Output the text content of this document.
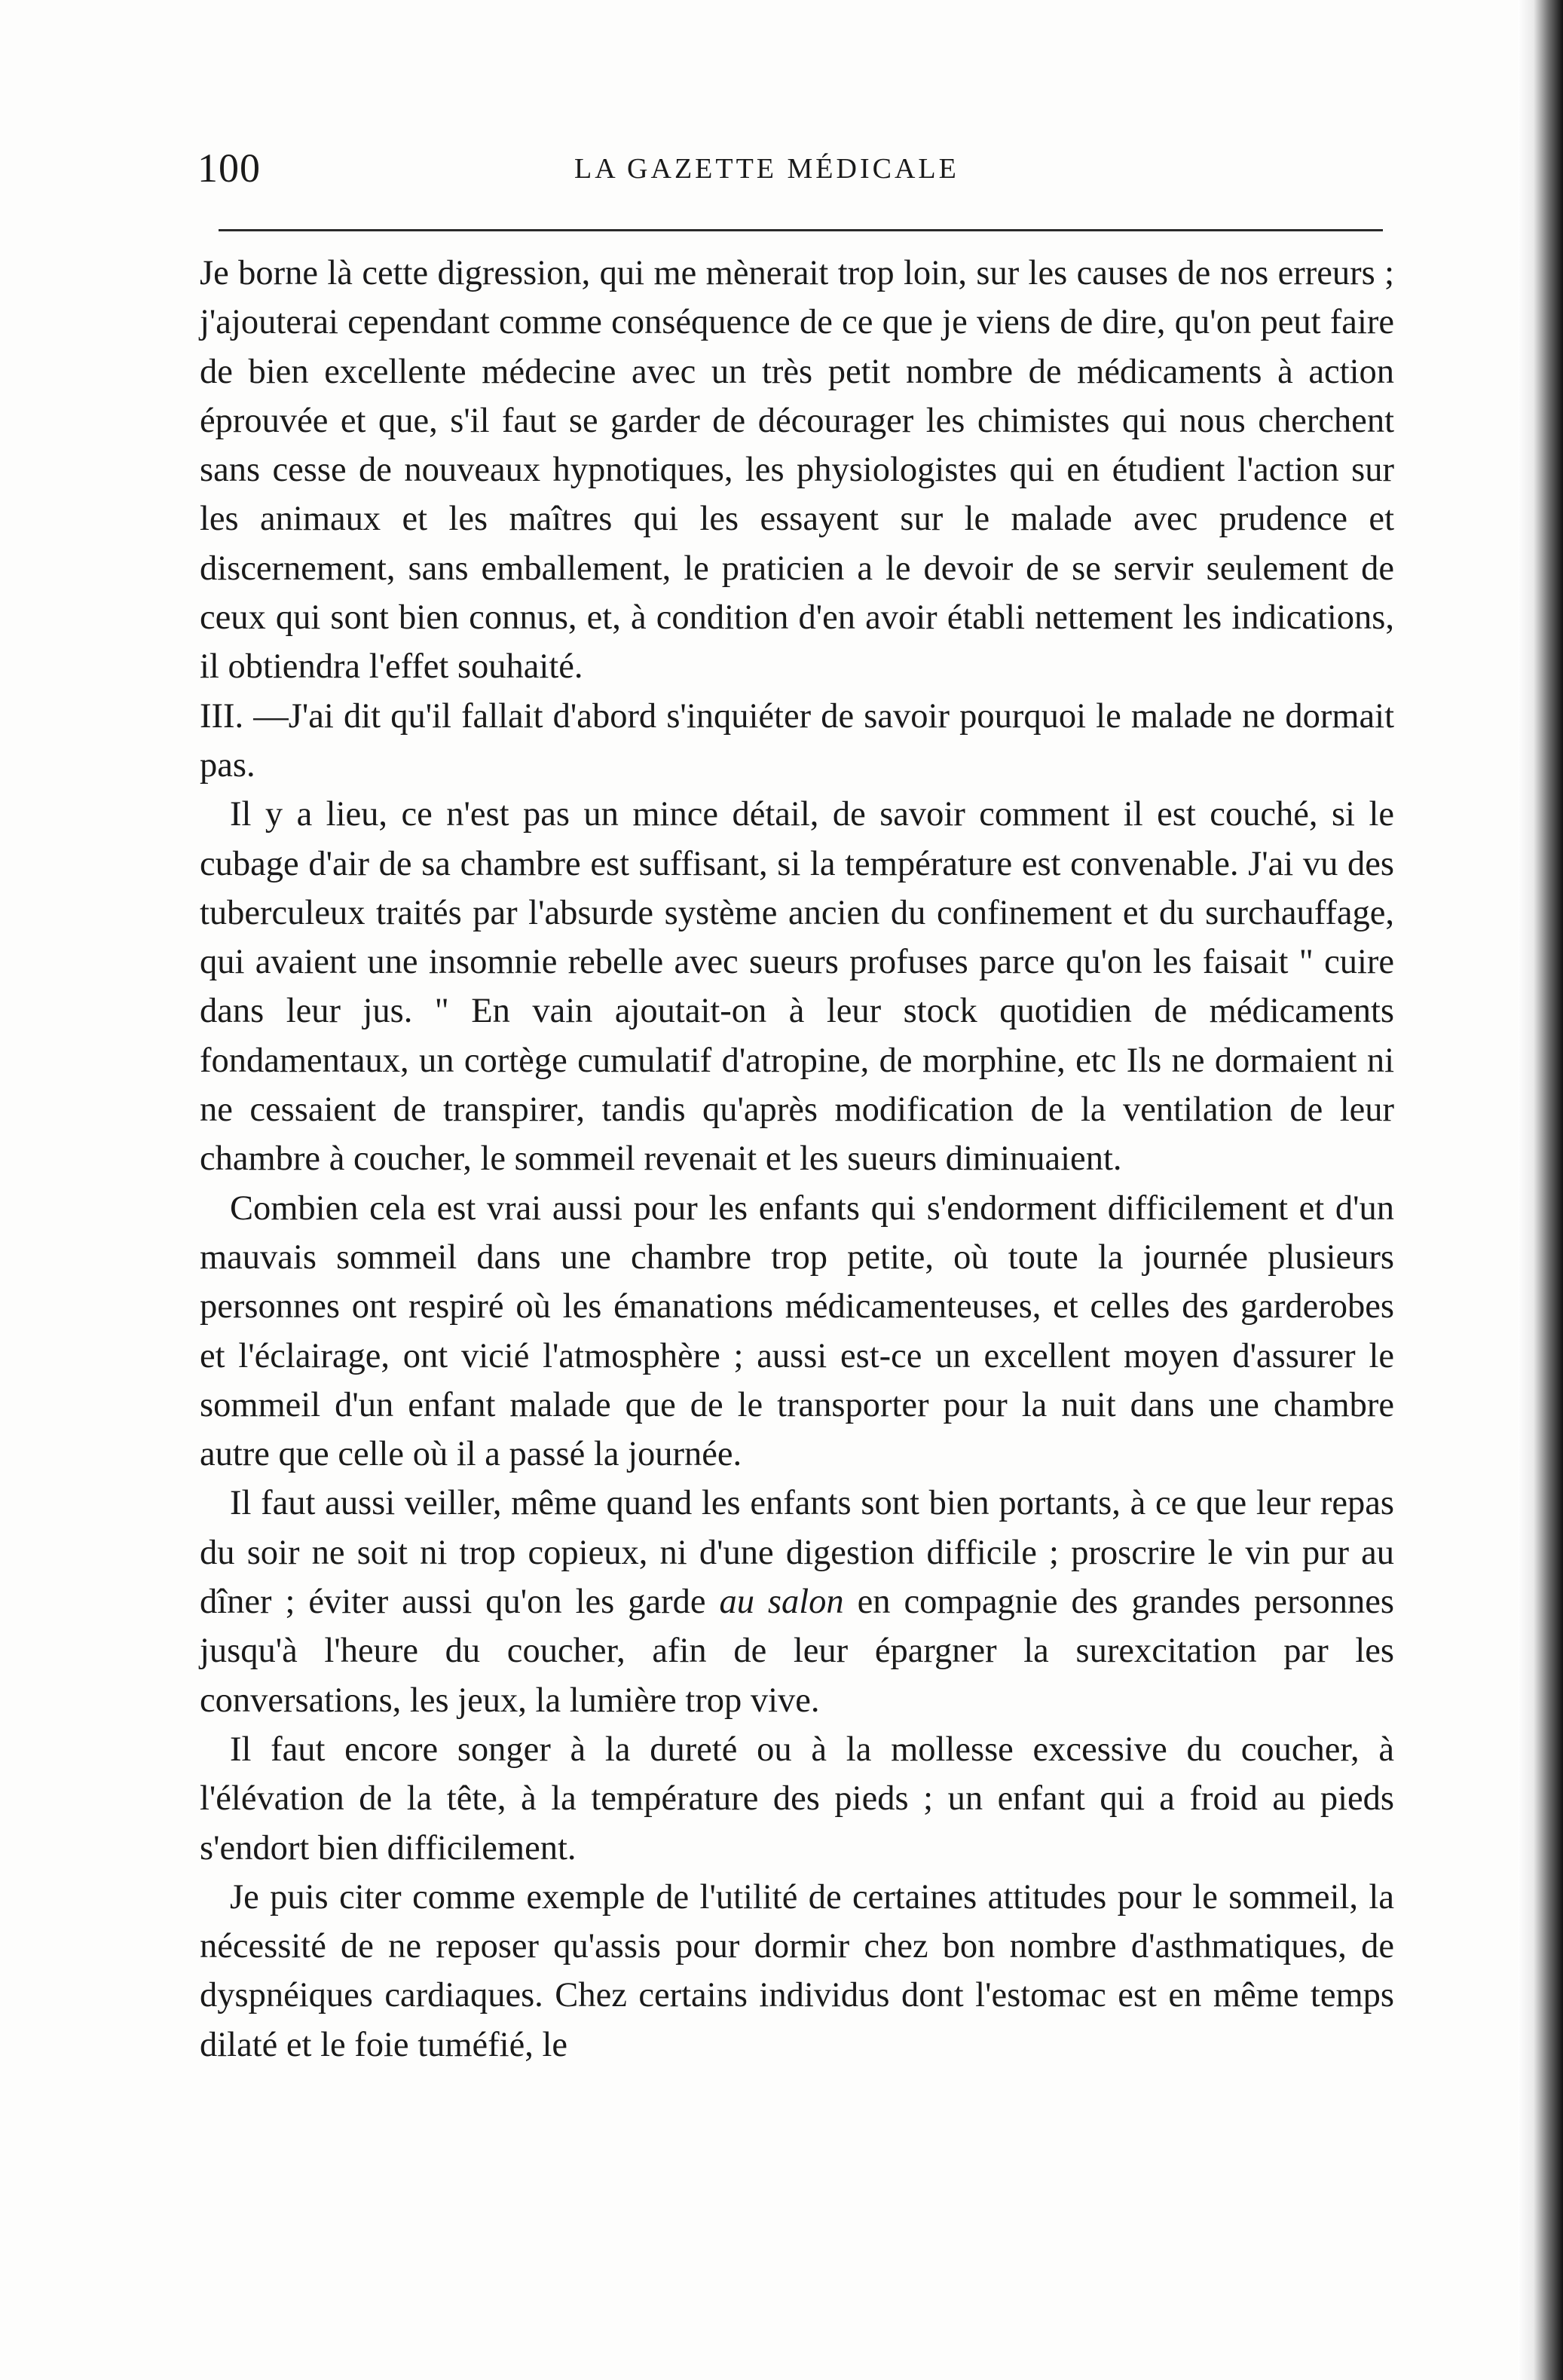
100	LA GAZETTE MÉDICALE

Je borne là cette digression, qui me mènerait trop loin, sur les causes de nos erreurs ; j'ajouterai cependant comme conséquence de ce que je viens de dire, qu'on peut faire de bien excellente médecine avec un très petit nombre de médicaments à action éprouvée et que, s'il faut se garder de décourager les chimistes qui nous cherchent sans cesse de nouveaux hypnotiques, les physiologistes qui en étudient l'action sur les animaux et les maîtres qui les essayent sur le malade avec prudence et discernement, sans emballement, le praticien a le devoir de se servir seulement de ceux qui sont bien connus, et, à condition d'en avoir établi nettement les indications, il obtiendra l'effet souhaité.

III. —J'ai dit qu'il fallait d'abord s'inquiéter de savoir pourquoi le malade ne dormait pas.

Il y a lieu, ce n'est pas un mince détail, de savoir comment il est couché, si le cubage d'air de sa chambre est suffisant, si la température est convenable. J'ai vu des tuberculeux traités par l'absurde système ancien du confinement et du surchauffage, qui avaient une insomnie rebelle avec sueurs profuses parce qu'on les faisait " cuire dans leur jus. " En vain ajoutait-on à leur stock quotidien de médicaments fondamentaux, un cortège cumulatif d'atropine, de morphine, etc Ils ne dormaient ni ne cessaient de transpirer, tandis qu'après modification de la ventilation de leur chambre à coucher, le sommeil revenait et les sueurs diminuaient.

Combien cela est vrai aussi pour les enfants qui s'endorment difficilement et d'un mauvais sommeil dans une chambre trop petite, où toute la journée plusieurs personnes ont respiré où les émanations médicamenteuses, et celles des garderobes et l'éclairage, ont vicié l'atmosphère ; aussi est-ce un excellent moyen d'assurer le sommeil d'un enfant malade que de le transporter pour la nuit dans une chambre autre que celle où il a passé la journée.

Il faut aussi veiller, même quand les enfants sont bien portants, à ce que leur repas du soir ne soit ni trop copieux, ni d'une digestion difficile ; proscrire le vin pur au dîner ; éviter aussi qu'on les garde au salon en compagnie des grandes personnes jusqu'à l'heure du coucher, afin de leur épargner la surexcitation par les conversations, les jeux, la lumière trop vive.

Il faut encore songer à la dureté ou à la mollesse excessive du coucher, à l'élévation de la tête, à la température des pieds ; un enfant qui a froid au pieds s'endort bien difficilement.

Je puis citer comme exemple de l'utilité de certaines attitudes pour le sommeil, la nécessité de ne reposer qu'assis pour dormir chez bon nombre d'asthmatiques, de dyspnéiques cardiaques. Chez certains individus dont l'estomac est en même temps dilaté et le foie tuméfié, le
